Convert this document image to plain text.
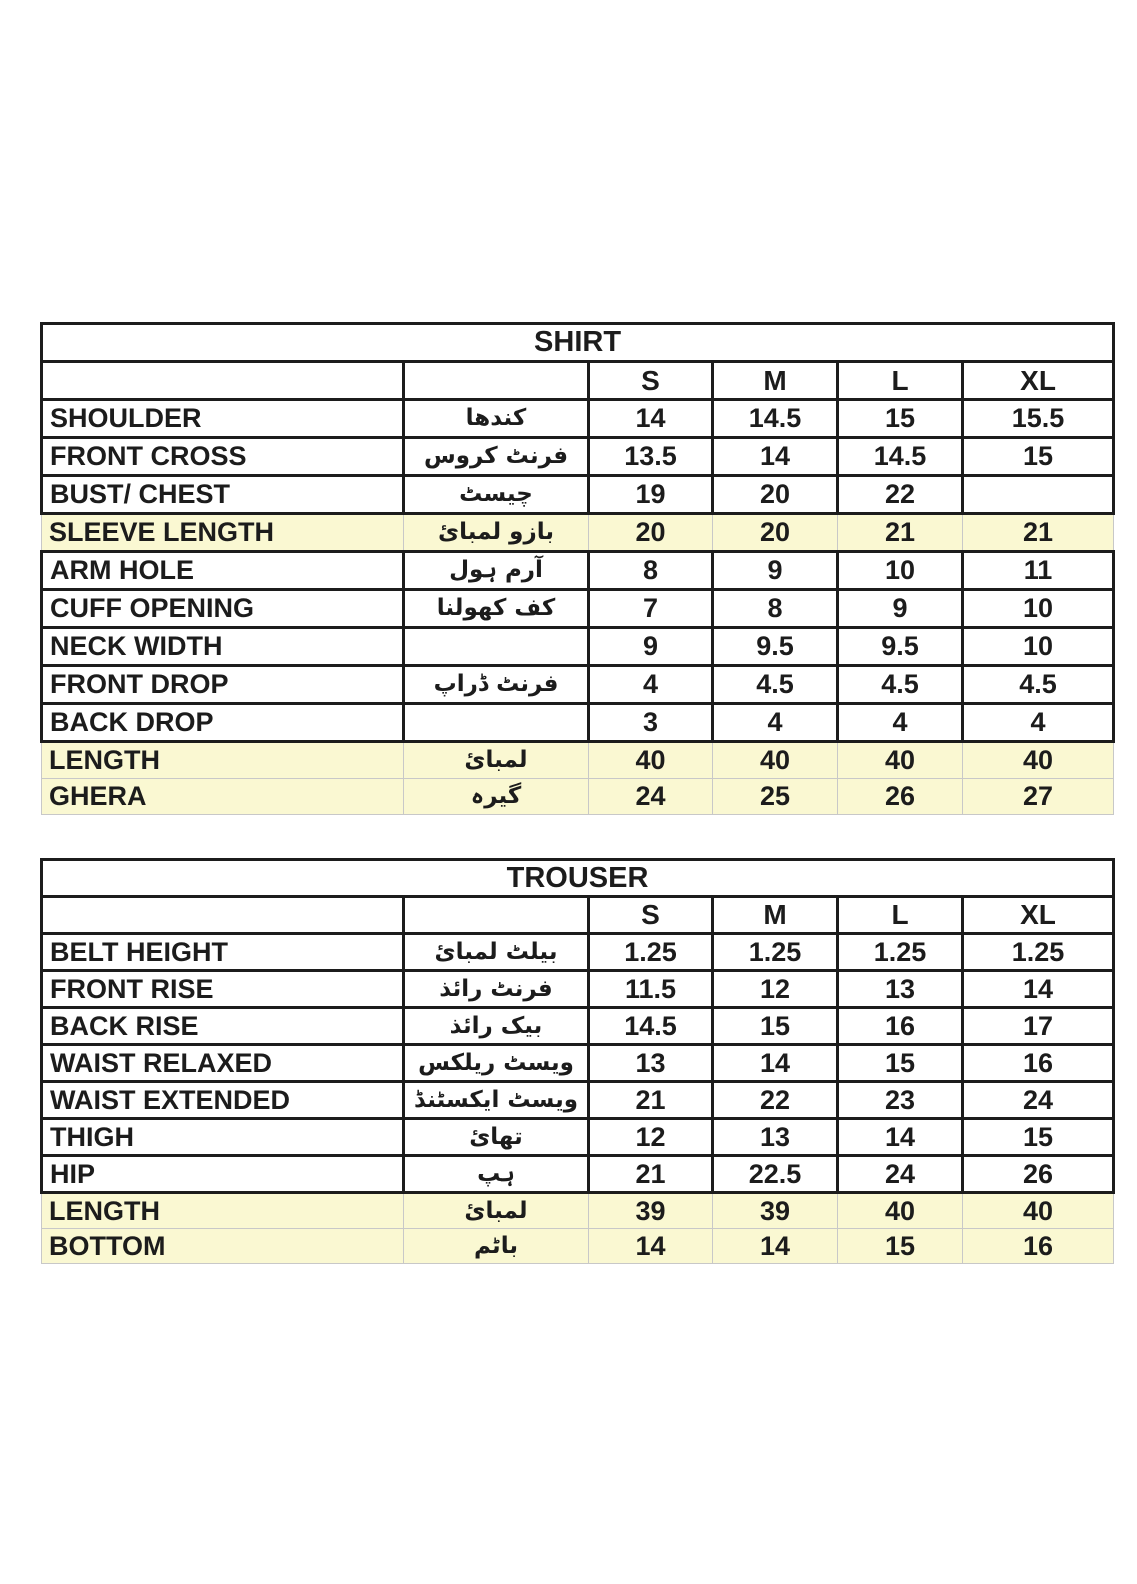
SHIRT					
		S	M	L	XL
SHOULDER	کندھا	14	14.5	15	15.5
FRONT CROSS	فرنٹ کروس	13.5	14	14.5	15
BUST/ CHEST	چیسٹ	19	20	22	
SLEEVE LENGTH	بازو لمبائ	20	20	21	21
ARM HOLE	آرم ہول	8	9	10	11
CUFF OPENING	کف کھولنا	7	8	9	10
NECK WIDTH		9	9.5	9.5	10
FRONT DROP	فرنٹ ڈراپ	4	4.5	4.5	4.5
BACK DROP		3	4	4	4
LENGTH	لمبائ	40	40	40	40
GHERA	گیرہ	24	25	26	27
TROUSER					
		S	M	L	XL
BELT HEIGHT	بیلٹ لمبائ	1.25	1.25	1.25	1.25
FRONT RISE	فرنٹ رائذ	11.5	12	13	14
BACK RISE	بیک رائذ	14.5	15	16	17
WAIST RELAXED	ویسٹ ریلکس	13	14	15	16
WAIST EXTENDED	ویسٹ ایکسٹنڈ	21	22	23	24
THIGH	تھائ	12	13	14	15
HIP	ہپ	21	22.5	24	26
LENGTH	لمبائ	39	39	40	40
BOTTOM	باٹم	14	14	15	16
